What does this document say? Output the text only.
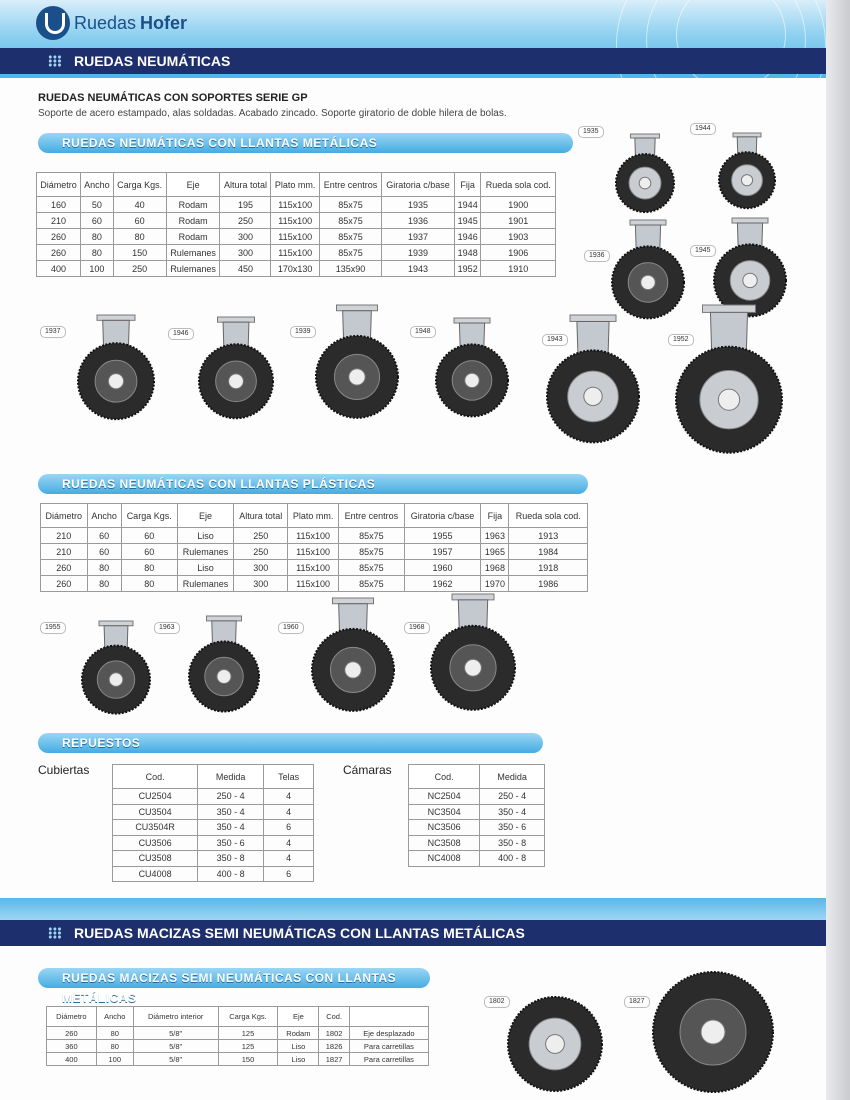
Ruedas Hofer
RUEDAS NEUMÁTICAS
RUEDAS NEUMÁTICAS CON SOPORTES SERIE GP
Soporte de acero estampado, alas soldadas. Acabado zincado. Soporte giratorio de doble hilera de bolas.
RUEDAS NEUMÁTICAS CON LLANTAS METÁLICAS
Diámetro	Ancho	Carga Kgs.	Eje	Altura total	Plato mm.	Entre centros	Giratoria c/base	Fija	Rueda sola cod.
160	50	40	Rodam	195	115x100	85x75	1935	1944	1900
210	60	60	Rodam	250	115x100	85x75	1936	1945	1901
260	80	80	Rodam	300	115x100	85x75	1937	1946	1903
260	80	150	Rulemanes	300	115x100	85x75	1939	1948	1906
400	100	250	Rulemanes	450	170x130	135x90	1943	1952	1910
RUEDAS NEUMÁTICAS CON LLANTAS PLÁSTICAS
Diámetro	Ancho	Carga Kgs.	Eje	Altura total	Plato mm.	Entre centros	Giratoria c/base	Fija	Rueda sola cod.
210	60	60	Liso	250	115x100	85x75	1955	1963	1913
210	60	60	Rulemanes	250	115x100	85x75	1957	1965	1984
260	80	80	Liso	300	115x100	85x75	1960	1968	1918
260	80	80	Rulemanes	300	115x100	85x75	1962	1970	1986
REPUESTOS
Cubiertas	Cod.	Medida	Telas
CU2504	250 - 4	4
CU3504	350 - 4	4
CU3504R	350 - 4	6
CU3506	350 - 6	4
CU3508	350 - 8	4
CU4008	400 - 8	6
Cámaras	Cod.	Medida
NC2504	250 - 4
NC3504	350 - 4
NC3506	350 - 6
NC3508	350 - 8
NC4008	400 - 8
RUEDAS MACIZAS SEMI NEUMÁTICAS CON LLANTAS METÁLICAS
RUEDAS MACIZAS SEMI NEUMÁTICAS CON LLANTAS METÁLICAS
Diámetro	Ancho	Diámetro interior	Carga Kgs.	Eje	Cod.	
260	80	5/8"	125	Rodam	1802	Eje desplazado
360	80	5/8"	125	Liso	1826	Para carretillas
400	100	5/8"	150	Liso	1827	Para carretillas
1935	1944
1936
1945
1937	1946	1939	1948
1943	1952
1955	1963	1960	1968
1802	1827
